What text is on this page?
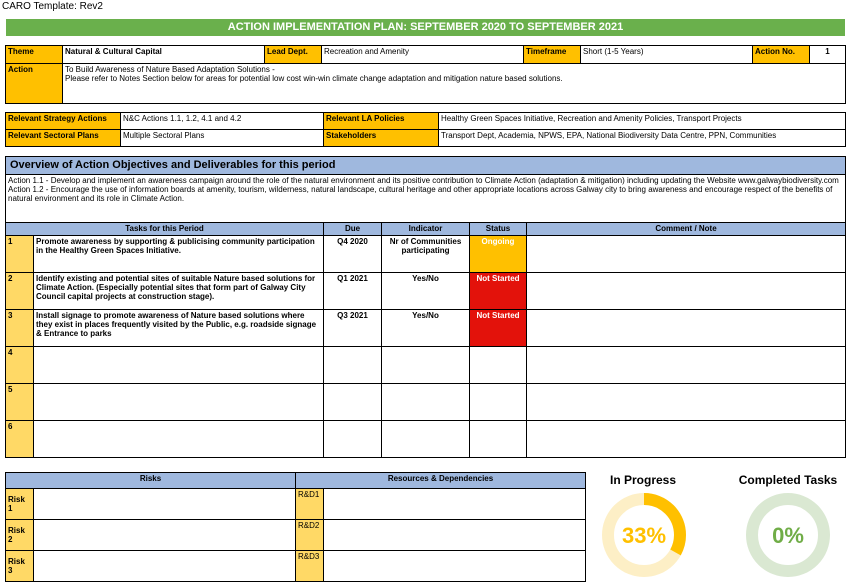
CARO Template: Rev2
ACTION IMPLEMENTATION PLAN: SEPTEMBER 2020 TO SEPTEMBER 2021
Theme	Natural & Cultural Capital	Lead Dept.	Recreation and Amenity	Timeframe	Short (1-5 Years)	Action No.	1
Action	To Build Awareness of Nature Based Adaptation Solutions -
Please refer to Notes Section below for areas for potential low cost win-win climate change adaptation and mitigation nature based solutions.						
Relevant Strategy Actions	N&C Actions 1.1, 1.2, 4.1 and 4.2	Relevant LA Policies	Healthy Green Spaces Initiative, Recreation and Amenity Policies, Transport Projects
Relevant Sectoral Plans	Multiple Sectoral Plans	Stakeholders	Transport Dept, Academia, NPWS, EPA, National Biodiversity Data Centre, PPN, Communities
Overview of Action Objectives and Deliverables for this period					

Action 1.1 - Develop and implement an awareness campaign around the role of the natural environment and its positive contribution to Climate Action (adaptation & mitigation) including updating the Website www.galwaybiodiversity.com
Action 1.2 - Encourage the use of information boards at amenity, tourism, wilderness, natural landscape, cultural heritage and other appropriate locations across Galway city to bring awareness and encourage respect of the benefits of natural environment and its role in Climate Action.					

Tasks for this Period		Due	Indicator	Status	Comment / Note
1	Promote awareness by supporting & publicising community participation in the Healthy Green Spaces Initiative.	Q4 2020	Nr of Communities participating	Ongoing	
2	Identify existing and potential sites of suitable Nature based solutions for Climate Action. (Especially potential sites that form part of Galway City Council capital projects at construction stage).	Q1 2021	Yes/No	Not Started	
3	Install signage to promote awareness of Nature based solutions where they exist in places frequently visited by the Public, e.g. roadside signage & Entrance to parks	Q3 2021	Yes/No	Not Started	
4					
5					
6					
Risks		Resources & Dependencies	
Risk 1		R&D1	
Risk 2		R&D2	
Risk 3		R&D3	
In Progress
33%
Completed Tasks
0%
